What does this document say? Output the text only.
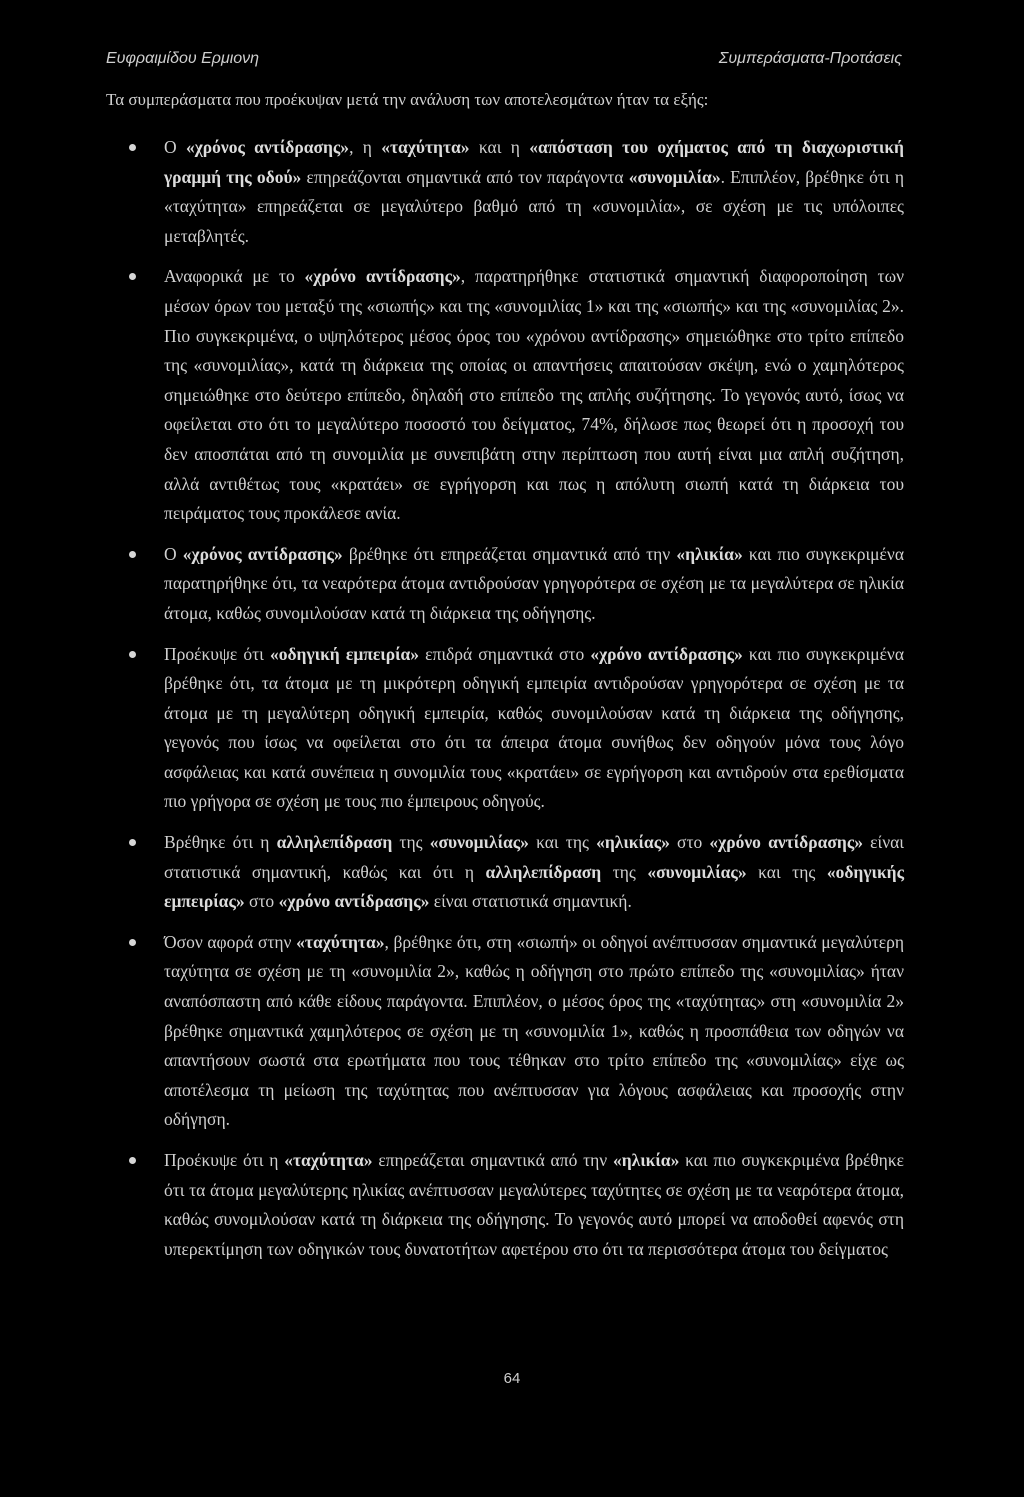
Ευφραιμίδου Ερμιονη	Συμπεράσματα-Προτάσεις

Τα συμπεράσματα που προέκυψαν μετά την ανάλυση των αποτελεσμάτων ήταν τα εξής:

Ο «χρόνος αντίδρασης», η «ταχύτητα» και η «απόσταση του οχήματος από τη διαχωριστική γραμμή της οδού» επηρεάζονται σημαντικά από τον παράγοντα «συνομιλία». Επιπλέον, βρέθηκε ότι η «ταχύτητα» επηρεάζεται σε μεγαλύτερο βαθμό από τη «συνομιλία», σε σχέση με τις υπόλοιπες μεταβλητές.
Αναφορικά με το «χρόνο αντίδρασης», παρατηρήθηκε στατιστικά σημαντική διαφοροποίηση των μέσων όρων του μεταξύ της «σιωπής» και της «συνομιλίας 1» και της «σιωπής» και της «συνομιλίας 2». Πιο συγκεκριμένα, ο υψηλότερος μέσος όρος του «χρόνου αντίδρασης» σημειώθηκε στο τρίτο επίπεδο της «συνομιλίας», κατά τη διάρκεια της οποίας οι απαντήσεις απαιτούσαν σκέψη, ενώ ο χαμηλότερος σημειώθηκε στο δεύτερο επίπεδο, δηλαδή στο επίπεδο της απλής συζήτησης. Το γεγονός αυτό, ίσως να οφείλεται στο ότι το μεγαλύτερο ποσοστό του δείγματος, 74%, δήλωσε πως θεωρεί ότι η προσοχή του δεν αποσπάται από τη συνομιλία με συνεπιβάτη στην περίπτωση που αυτή είναι μια απλή συζήτηση, αλλά αντιθέτως τους «κρατάει» σε εγρήγορση και πως η απόλυτη σιωπή κατά τη διάρκεια του πειράματος τους προκάλεσε ανία.
Ο «χρόνος αντίδρασης» βρέθηκε ότι επηρεάζεται σημαντικά από την «ηλικία» και πιο συγκεκριμένα παρατηρήθηκε ότι, τα νεαρότερα άτομα αντιδρούσαν γρηγορότερα σε σχέση με τα μεγαλύτερα σε ηλικία άτομα, καθώς συνομιλούσαν κατά τη διάρκεια της οδήγησης.
Προέκυψε ότι «οδηγική εμπειρία» επιδρά σημαντικά στο «χρόνο αντίδρασης» και πιο συγκεκριμένα βρέθηκε ότι, τα άτομα με τη μικρότερη οδηγική εμπειρία αντιδρούσαν γρηγορότερα σε σχέση με τα άτομα με τη μεγαλύτερη οδηγική εμπειρία, καθώς συνομιλούσαν κατά τη διάρκεια της οδήγησης, γεγονός που ίσως να οφείλεται στο ότι τα άπειρα άτομα συνήθως δεν οδηγούν μόνα τους λόγο ασφάλειας και κατά συνέπεια η συνομιλία τους «κρατάει» σε εγρήγορση και αντιδρούν στα ερεθίσματα πιο γρήγορα σε σχέση με τους πιο έμπειρους οδηγούς.
Βρέθηκε ότι η αλληλεπίδραση της «συνομιλίας» και της «ηλικίας» στο «χρόνο αντίδρασης» είναι στατιστικά σημαντική, καθώς και ότι η αλληλεπίδραση της «συνομιλίας» και της «οδηγικής εμπειρίας» στο «χρόνο αντίδρασης» είναι στατιστικά σημαντική.
Όσον αφορά στην «ταχύτητα», βρέθηκε ότι, στη «σιωπή» οι οδηγοί ανέπτυσσαν σημαντικά μεγαλύτερη ταχύτητα σε σχέση με τη «συνομιλία 2», καθώς η οδήγηση στο πρώτο επίπεδο της «συνομιλίας» ήταν αναπόσπαστη από κάθε είδους παράγοντα. Επιπλέον, ο μέσος όρος της «ταχύτητας» στη «συνομιλία 2» βρέθηκε σημαντικά χαμηλότερος σε σχέση με τη «συνομιλία 1», καθώς η προσπάθεια των οδηγών να απαντήσουν σωστά στα ερωτήματα που τους τέθηκαν στο τρίτο επίπεδο της «συνομιλίας» είχε ως αποτέλεσμα τη μείωση της ταχύτητας που ανέπτυσσαν για λόγους ασφάλειας και προσοχής στην οδήγηση.
Προέκυψε ότι η «ταχύτητα» επηρεάζεται σημαντικά από την «ηλικία» και πιο συγκεκριμένα βρέθηκε ότι τα άτομα μεγαλύτερης ηλικίας ανέπτυσσαν μεγαλύτερες ταχύτητες σε σχέση με τα νεαρότερα άτομα, καθώς συνομιλούσαν κατά τη διάρκεια της οδήγησης. Το γεγονός αυτό μπορεί να αποδοθεί αφενός στη υπερεκτίμηση των οδηγικών τους δυνατοτήτων αφετέρου στο ότι τα περισσότερα άτομα του δείγματος
64
